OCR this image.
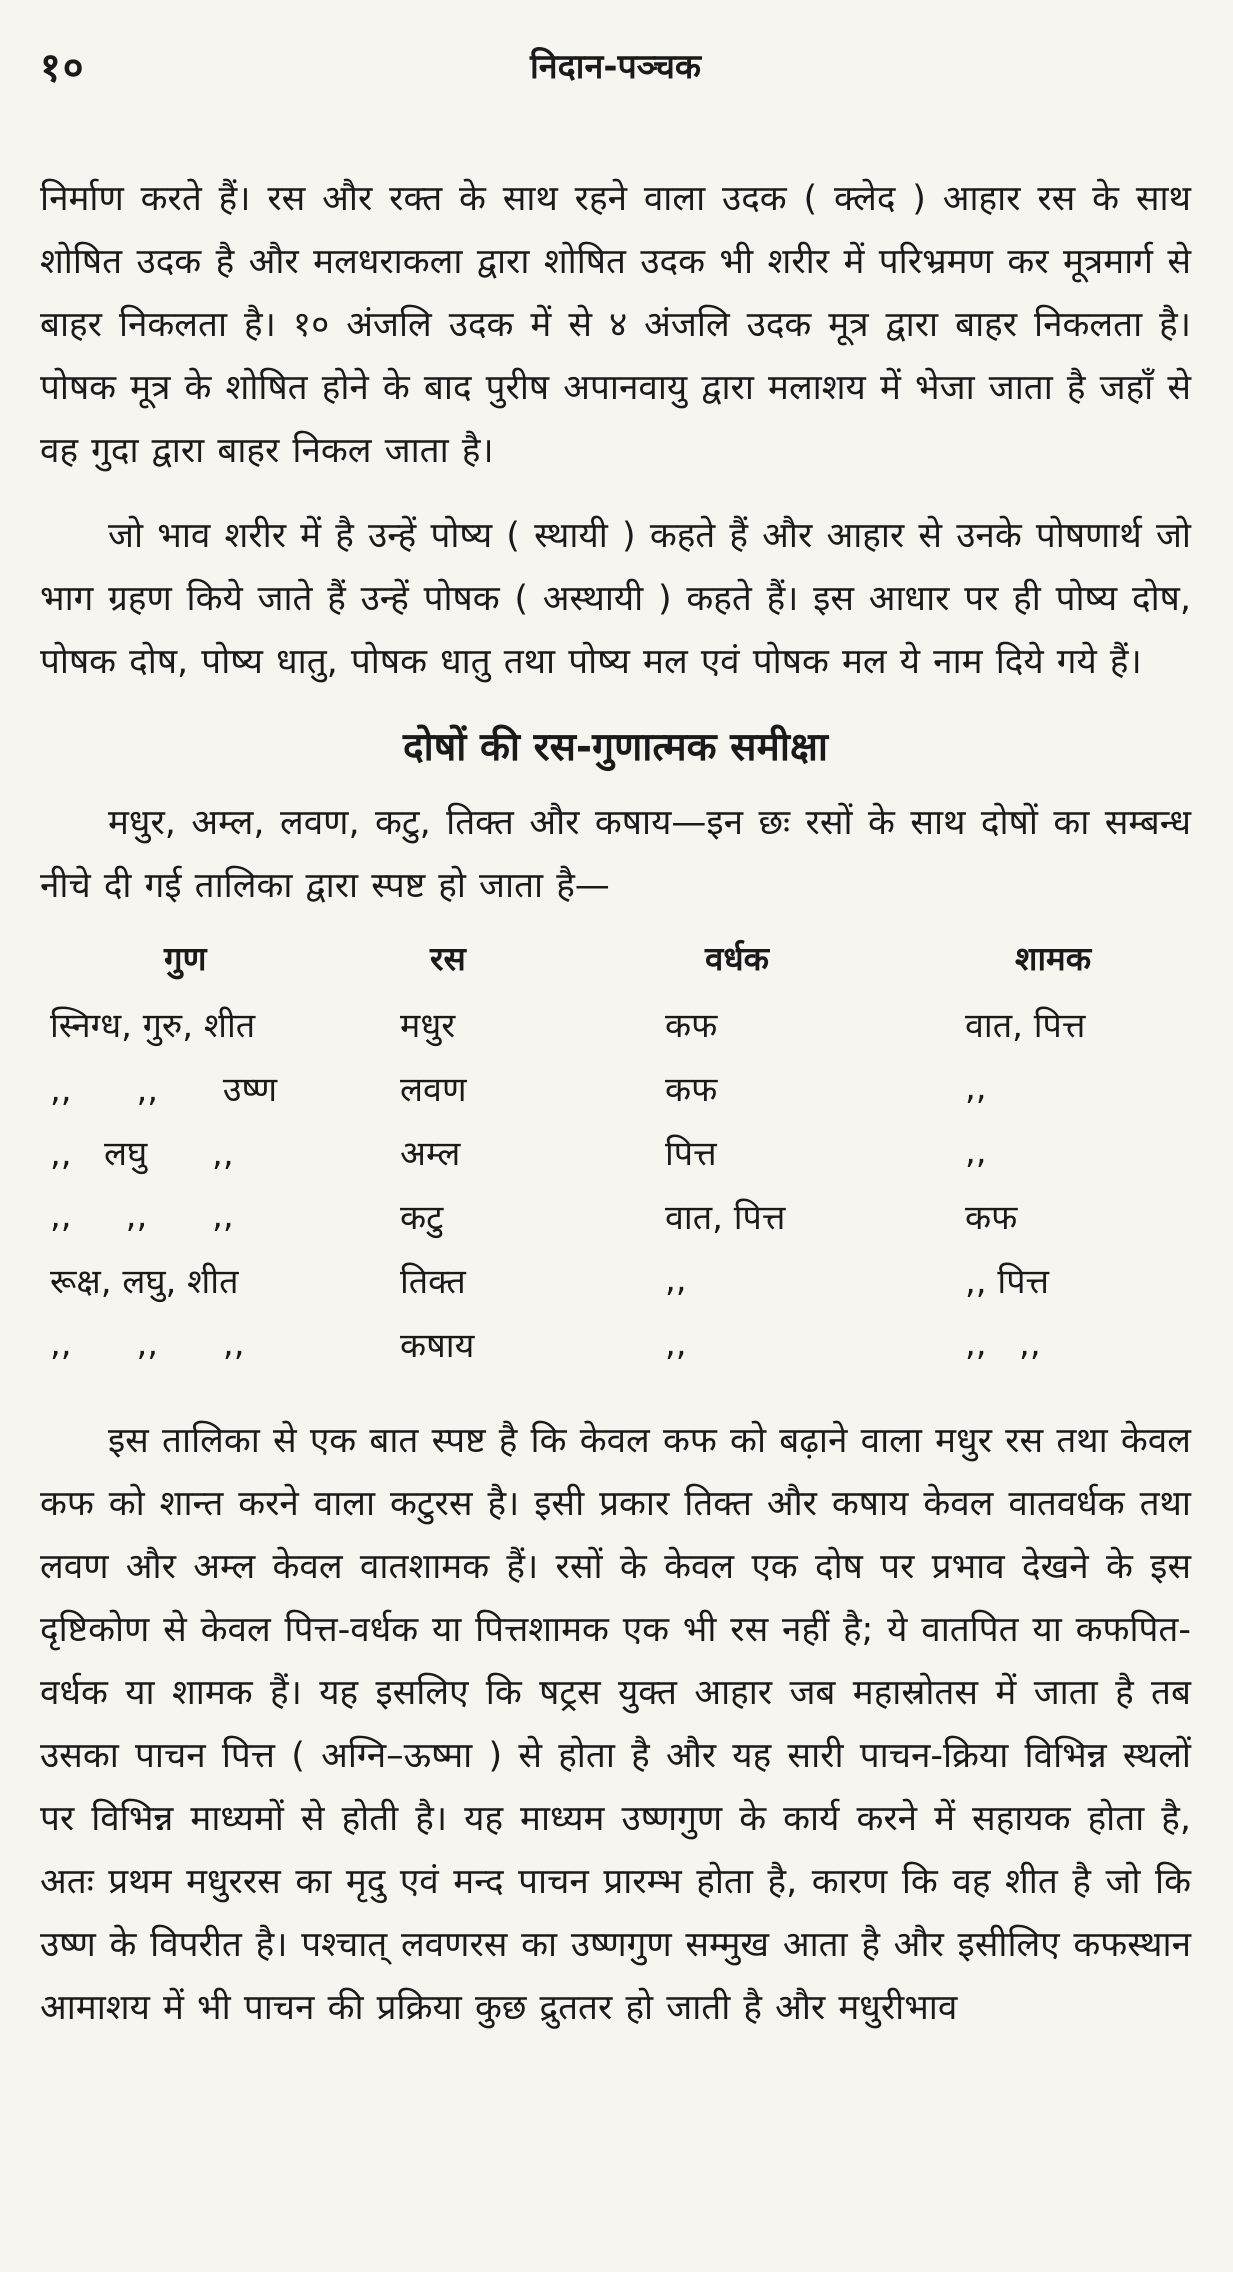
१०	निदान-पञ्चक

निर्माण करते हैं। रस और रक्त के साथ रहने वाला उदक ( क्लेद ) आहार रस के साथ शोषित उदक है और मलधराकला द्वारा शोषित उदक भी शरीर में परिभ्रमण कर मूत्रमार्ग से बाहर निकलता है। १० अंजलि उदक में से ४ अंजलि उदक मूत्र द्वारा बाहर निकलता है। पोषक मूत्र के शोषित होने के बाद पुरीष अपानवायु द्वारा मलाशय में भेजा जाता है जहाँ से वह गुदा द्वारा बाहर निकल जाता है।

जो भाव शरीर में है उन्हें पोष्य ( स्थायी ) कहते हैं और आहार से उनके पोषणार्थ जो भाग ग्रहण किये जाते हैं उन्हें पोषक ( अस्थायी ) कहते हैं। इस आधार पर ही पोष्य दोष, पोषक दोष, पोष्य धातु, पोषक धातु तथा पोष्य मल एवं पोषक मल ये नाम दिये गये हैं।

दोषों की रस-गुणात्मक समीक्षा

मधुर, अम्ल, लवण, कटु, तिक्त और कषाय—इन छः रसों के साथ दोषों का सम्बन्ध नीचे दी गई तालिका द्वारा स्पष्ट हो जाता है—

गुण	रस	वर्धक	शामक
स्निग्ध, गुरु, शीत	मधुर	कफ	वात, पित्त
,,      ,,      उष्ण	लवण	कफ	,,
,,   लघु      ,,	अम्ल	पित्त	,,
,,     ,,      ,,	कटु	वात, पित्त	कफ
रूक्ष, लघु, शीत	तिक्त	,,	,, पित्त
,,      ,,      ,,	कषाय	,,	,,   ,,

इस तालिका से एक बात स्पष्ट है कि केवल कफ को बढ़ाने वाला मधुर रस तथा केवल कफ को शान्त करने वाला कटुरस है। इसी प्रकार तिक्त और कषाय केवल वातवर्धक तथा लवण और अम्ल केवल वातशामक हैं। रसों के केवल एक दोष पर प्रभाव देखने के इस दृष्टिकोण से केवल पित्त-वर्धक या पित्तशामक एक भी रस नहीं है; ये वातपित या कफपित-वर्धक या शामक हैं। यह इसलिए कि षट्रस युक्त आहार जब महास्रोतस में जाता है तब उसका पाचन पित्त ( अग्नि–ऊष्मा ) से होता है और यह सारी पाचन-क्रिया विभिन्न स्थलों पर विभिन्न माध्यमों से होती है। यह माध्यम उष्णगुण के कार्य करने में सहायक होता है, अतः प्रथम मधुररस का मृदु एवं मन्द पाचन प्रारम्भ होता है, कारण कि वह शीत है जो कि उष्ण के विपरीत है। पश्चात् लवणरस का उष्णगुण सम्मुख आता है और इसीलिए कफस्थान आमाशय में भी पाचन की प्रक्रिया कुछ द्रुततर हो जाती है और मधुरीभाव
